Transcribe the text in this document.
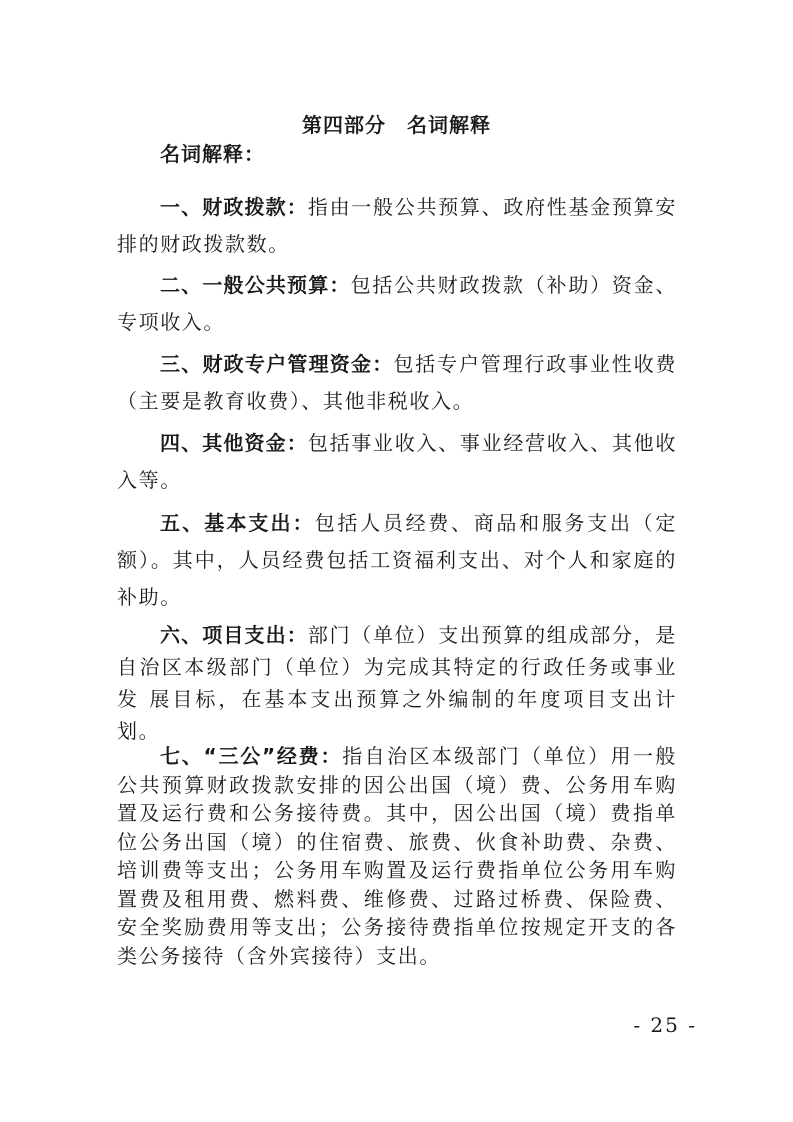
第四部分　名词解释
名词解释：

一、财政拨款：指由一般公共预算、政府性基金预算安排的财政拨款数。

二、一般公共预算：包括公共财政拨款（补助）资金、专项收入。

三、财政专户管理资金：包括专户管理行政事业性收费（主要是教育收费）、其他非税收入。

四、其他资金：包括事业收入、事业经营收入、其他收入等。

五、基本支出：包括人员经费、商品和服务支出（定额）。其中，人员经费包括工资福利支出、对个人和家庭的补助。

六、项目支出：部门（单位）支出预算的组成部分，是自治区本级部门（单位）为完成其特定的行政任务或事业发 展目标，在基本支出预算之外编制的年度项目支出计划。

七、“三公”经费：指自治区本级部门（单位）用一般公共预算财政拨款安排的因公出国（境）费、公务用车购置及运行费和公务接待费。其中，因公出国（境）费指单位公务出国（境）的住宿费、旅费、伙食补助费、杂费、培训费等支出；公务用车购置及运行费指单位公务用车购置费及租用费、燃料费、维修费、过路过桥费、保险费、安全奖励费用等支出；公务接待费指单位按规定开支的各类公务接待（含外宾接待）支出。

- 25 -
